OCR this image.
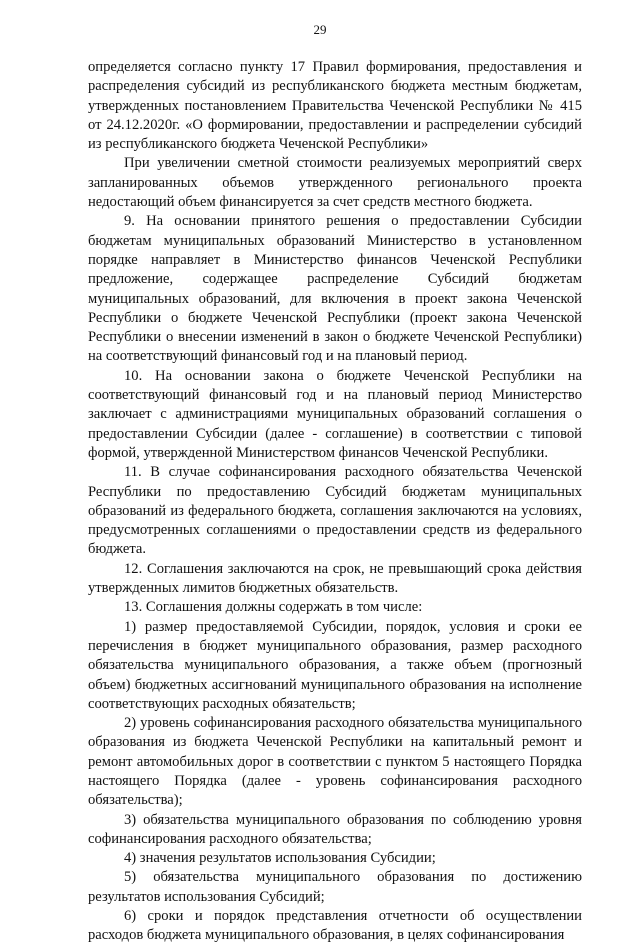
29

определяется согласно пункту 17 Правил формирования, предоставления и распределения субсидий из республиканского бюджета местным бюджетам, утвержденных постановлением Правительства Чеченской Республики № 415 от 24.12.2020г. «О формировании, предоставлении и распределении субсидий из республиканского бюджета Чеченской Республики»

При увеличении сметной стоимости реализуемых мероприятий сверх запланированных объемов утвержденного регионального проекта недостающий объем финансируется за счет средств местного бюджета.

9. На основании принятого решения о предоставлении Субсидии бюджетам муниципальных образований Министерство в установленном порядке направляет в Министерство финансов Чеченской Республики предложение, содержащее распределение Субсидий бюджетам муниципальных образований, для включения в проект закона Чеченской Республики о бюджете Чеченской Республики (проект закона Чеченской Республики о внесении изменений в закон о бюджете Чеченской Республики) на соответствующий финансовый год и на плановый период.

10. На основании закона о бюджете Чеченской Республики на соответствующий финансовый год и на плановый период Министерство заключает с администрациями муниципальных образований соглашения о предоставлении Субсидии (далее - соглашение) в соответствии с типовой формой, утвержденной Министерством финансов Чеченской Республики.

11. В случае софинансирования расходного обязательства Чеченской Республики по предоставлению Субсидий бюджетам муниципальных образований из федерального бюджета, соглашения заключаются на условиях, предусмотренных соглашениями о предоставлении средств из федерального бюджета.

12. Соглашения заключаются на срок, не превышающий срока действия утвержденных лимитов бюджетных обязательств.

13. Соглашения должны содержать в том числе:

1) размер предоставляемой Субсидии, порядок, условия и сроки ее перечисления в бюджет муниципального образования, размер расходного обязательства муниципального образования, а также объем (прогнозный объем) бюджетных ассигнований муниципального образования на исполнение соответствующих расходных обязательств;

2) уровень софинансирования расходного обязательства муниципального образования из бюджета Чеченской Республики на капитальный ремонт и ремонт автомобильных дорог в соответствии с пунктом 5 настоящего Порядка настоящего Порядка (далее - уровень софинансирования расходного обязательства);

3) обязательства муниципального образования по соблюдению уровня софинансирования расходного обязательства;

4) значения результатов использования Субсидии;

5) обязательства муниципального образования по достижению результатов использования Субсидий;

6) сроки и порядок представления отчетности об осуществлении расходов бюджета муниципального образования, в целях софинансирования
